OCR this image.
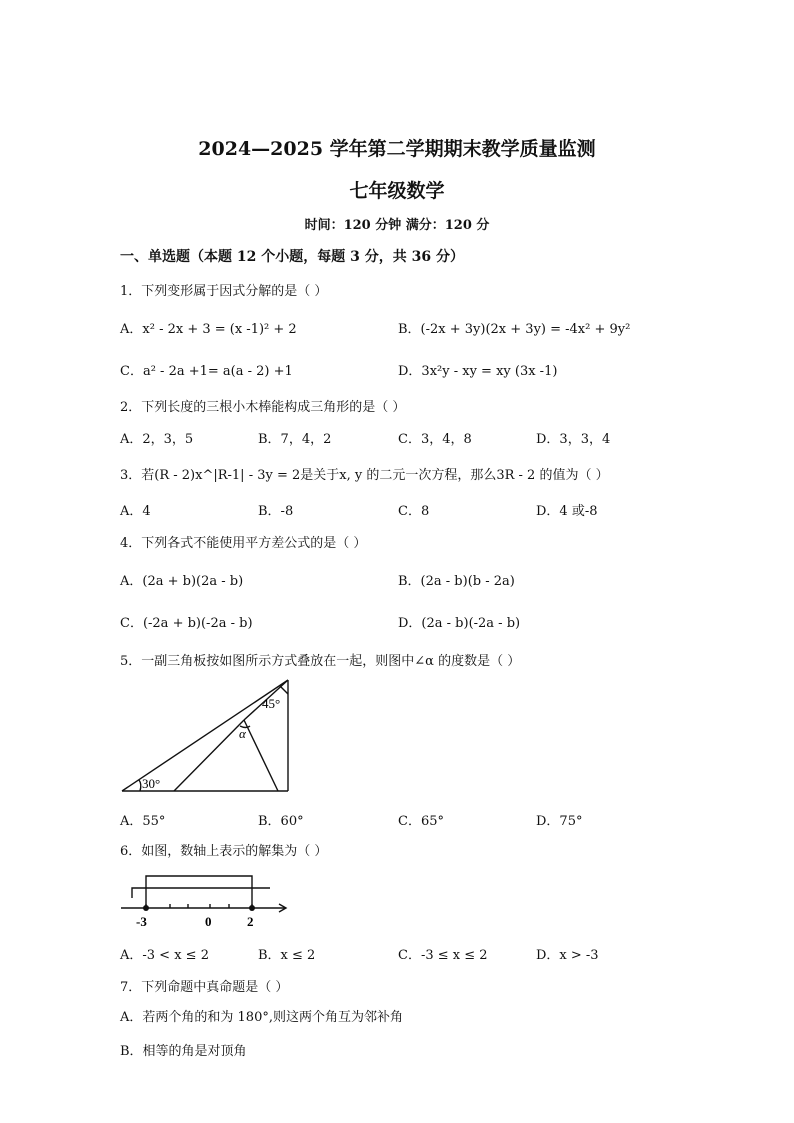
2024—2025 学年第二学期期末教学质量监测
七年级数学
时间：120 分钟 满分：120 分
一、单选题（本题 12 个小题，每题 3 分，共 36 分）
1．下列变形属于因式分解的是（ ）
A．x² - 2x + 3 = (x -1)² + 2	B．(-2x + 3y)(2x + 3y) = -4x² + 9y²
C．a² - 2a +1= a(a - 2) +1	D．3x²y - xy = xy (3x -1)
2．下列长度的三根小木棒能构成三角形的是（ ）
A．2，3，5	B．7，4，2	C．3，4，8	D．3，3，4
3．若(R - 2)x^|R-1| - 3y = 2是关于x, y 的二元一次方程，那么3R - 2 的值为（ ）
A．4	B．-8	C．8	D．4 或-8
4．下列各式不能使用平方差公式的是（ ）
A．(2a + b)(2a - b)	B．(2a - b)(b - 2a)
C．(-2a + b)(-2a - b)	D．(2a - b)(-2a - b)
5．一副三角板按如图所示方式叠放在一起，则图中∠α 的度数是（ ）
45°
α
30°
A．55°	B．60°	C．65°	D．75°
6．如图，数轴上表示的解集为（ ）
-3	0	2
A．-3 < x ≤ 2	B．x ≤ 2	C．-3 ≤ x ≤ 2	D．x > -3
7．下列命题中真命题是（ ）
A．若两个角的和为 180°,则这两个角互为邻补角
B．相等的角是对顶角
